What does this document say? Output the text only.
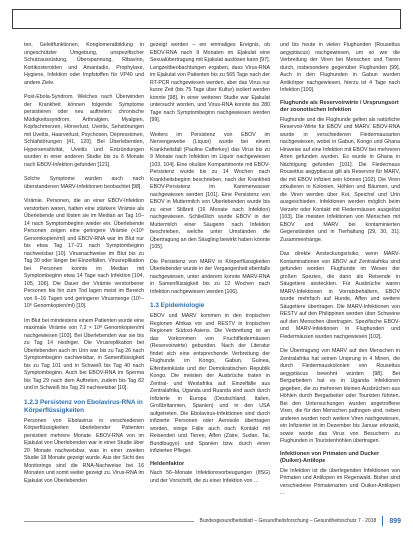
ten, Geleitfunktionen, Konglomeratbildung in ungeschützter Umgebung, unspezifischer Schutzausrüstung, Überspannung, Ribavirin, Kortikosteroiden und Amantadin, Prophylaxe, Hygiene, Infektion oder Impfstoffen für VP40 und andere Ziele.

Post-Ebola-Syndrom. Welches nach Überwinden der Krankheit können folgende Symptome persistieren oder neu auftreten: chronische Müdigkeitssyndrom, Arthralgien, Myalgien, Kopfschmerzen, Hörverlust, Uveitis, Sehstörungen mit Uveitis, Haarverlust, Psychosen, Depressionen, Schlafstörungen [41, 120]. Bei Überlebenden, Hypersensitivität, Uveitis und Entzündungen wurden in einer anderen Studie bis zu 6 Monate nach EBOV-Infektion gefunden [121].

Solche Symptome wurden auch nach überstandenen MARV-Infektionen beobachtet [98].

Virämie. Personen, die an einer EBOV-Infektion verstorben waren, hatten eine stärkere Virämie als Überlebende und lösten sie im Median an Tag 10–14 nach Symptombeginn wieder ein. Überlebende Personen zeigen eine geringere Virämie (<10⁶ Genomkopien/ml) und EBOV-RNA war im Blut nur bis etwa Tag 17–21 nach Symptombeginn nachweisbar [10]. Virusnachweise im Blut bis zu Tag 30 oder länger bei Einzelfällen, Virusreplikation bei Personen konnte im Median mit Symptombeginn etwa 14 Tage nach Infektion [104, 105, 106]. Die Dauer der Virämie verstorbener Personen bis hin zum Tod lagen meist im Bereich von 6–16 Tagen und geringerer Virusmenge (10⁵–10⁶ Genomkopien/ml) [10].

Im Blut bei mindestens einem Patienten wurde eine maximale Virämie von 7,2 × 10⁸ Genomkopien/ml nachgewiesen [103]. Bei Überlebenden war sie bis zu Tag 14 niedriger. Die Virusreplikation bei Überlebenden auch im Urin war bis zu Tag 26 nach Symptombeginn nachweisbar, in Samenflüssigkeit bis zu Tag 101 und in Schweiß bis Tag 40 nach Symptombeginn. Auch bei EBOV-RNA im Sperma bis Tag 29 nach dem Auftreten, zudem bis Tag 82 und in Schweiß bis Tag 29 nachweisbar [10].

1.2.3 Persistenz von Ebolavirus-RNA in Körperflüssigkeiten

Personen von Ebolavirus in verschiedenen Körperflüssigkeiten überlebender Patienten persistiert mehrere Monate. EBOV-RNA von im Ejakulat von Überlebenden war in einer Studie über 20 Monate nachweisbar, was in einer zweiten Studie 18 Monate gezeigt wurde. Aus der Sicht des Monitorings sind die RNA-Nachweise bei 16 Monaten und somit weiter gezeigt zu. Virus-RNA im Ejakulat von Überlebenden

gezeigt werden – ein einmaliges Ereignis, ob EBOV-RNA nach 9 Monaten im Ejakulat eine Sexualübertragung mit Ejakulat auslösen kann [97]. Langzeitbeobachtungen ergaben, dass Virus-RNA im Ejakulat von Patienten bis zu 565 Tage nach der RT-PCR nachgewiesen werden, aber das Virus nur kurze Zeit (bis 75 Tage über Kultur) isoliert werden konnte [98]. In einer weiteren Studie war Ejakulat untersucht worden, und Virus-RNA konnte bis 280 Tage nach Symptombeginn nachgewiesen werden [99].

Weiters im Persistenz von EBOV im Nervengewebe (Liquor) wurde bei einem Krankheitsfall (Pauline Cafferkey) das Virus bis zu 9 Monate nach Infektion im Liquor nachgewiesen [103, 104]. Eine okuläre Kompartimente mit EBOV-Persistenz wurde bis zu 14 Wochen nach Krankheitsbeginn beschrieben, nach der Krankheit EBOV-Persistenz im Kammerwasser nachgewiesen werden [101]. Eine Persistenz von EBOV in Muttermilch von Überlebenden wurde bis zu einer Stillzeit (16 Monate nach Infektion) nachgewiesen. Schließlich wurde EBOV in der Muttermilch einer Säugerin nach Infektion beschrieben, welche unter Umständen die Übertragung an den Säugling bewirkt haben könnte [105].

Die Persistenz von MARV in Körperflüssigkeiten Überlebender wurde in der Vergangenheit ebenfalls nachgewiesen, unter anderem konnte MARV-RNA in Samenflüssigkeit bis zu 12 Wochen nach Infektion nachgewiesen werden [106].

1.3 Epidemiologie

EBOV und MARV kommen in den tropischen Regionen Afrikas vor und RESTV in tropischen Regionen Südost-Asiens. Die Verbreitung ist an das Vorkommen von Fruchtfledermäusen (Reservoirwirte) gebunden. Nach der Literatur findet sich eine entsprechende Verbreitung der Flughunde im Kongo, Gabun, Guinea, Elfenbeinküste und der Demokratischen Republik Kongo. Die meisten der Ausbrüche traten in Zentral- und Westafrika auf. Einzelfälle aus Zentralafrika, Uganda und Ruanda sind auch durch Infizierte in Europa (Deutschland, Italien, Großbritannien, Spanien) und in den USA aufgetreten. Die Ebolavirus-Infektionen sind durch infizierte Personen oder Aerosole übertragen worden, einige Fälle auch nach Kontakt mit Reisenden und Tieren, Affen (Zaire, Sudan, Tai, Bundibugyo) und Spanien bzw. durch einen infizierten Pfleger.

Heldenfaktor

Nach 56–Monate Infektionsvorbeugungen (IfSG) und der Vorschrift, die zu einer Infektion von ...

und bis heute in vielen Flughunden (Rousettus aegyptiacus) nachgewiesen, um so wie die Verbreitung der Viren bei Menschen und Tieren durch, insbesondere gegenüber Flughunden [99]. Auch in den Flughunden in Gabun wurden Antikörper nachgewiesen, hierzu ist 4 Tage nach Infektion [100].

Flughunde als Reservoirwirte / Ursprungsort der zoonotischen Infektion

Flughunde und die Flughunde gelten als natürliche Reservoir-Wirte für EBOV und MARV. EBOV-RNA wurde in verschiedenen Fledermausarten nachgewiesen, wobei in Gabun, Kongo und Ghana Hinweise auf eine Infektion mit EBOV bei mehreren Arten gefunden wurden. Es wurde in Ghana in Nächtigung gefunden [101]. Die Fledermaus Rousettus aegyptiacus gilt als Reservoir für MARV, die mit EBOV infiziert sein können [102]. Die Viren zirkulieren in Kolonien, Höhlen und Bäumen, und die Viren werden über Kot, Speichel und Urin ausgeschieden. Infektionen werden möglich beim Verzehr oder Kontakt mit Fledermäusen ausgelöst [103]. Die meisten Infektionen von Menschen mit EBOV und MARV bei kontaminierten Gegenständen und in Tierhaltung [29, 30, 31]. Zusammenhänge.

Das direkte Ansteckungsrisiko, wenn MARV-Kontaminationen von EBOV auf Zentralafrika sind gefunden worden. Flughunde im Wesen der großen Spezies, die dann als Reisende in Säugetiere ansteckten. Für Ausbrüche waren MARV-Infektionen in Vorratsbehältern, EBOV wurde mehrfach auf Hunde, Affen und weitere Säugetiere übertragen. Die MARV-Infektionen von RESTV auf den Philippinen werden über Schweine auf den Menschen übertragen. Spezifische EBOV- und MARV-Infektionen in Flughunden und Fledermäusen wurden nachgewiesen [102].

Die Übertragung von MARV auf den Menschen in Zentralafrika hat seinen Ursprung in 4 Minen, die durch Fledermauskolonien von Rousettus aegyptiacus bewohnt wurden [98]. Bei Bergarbeitern hat es in Uganda Infektionen gegeben, die zu mehreren kleinen Ausbrüchen aus Höhlen durch Bergarbeiter oder Touristen führten. Bei den Untersuchungen wurden angetroffene Viren, die für den Menschen pathogen sind, neben anderen wurden noch weitere Viren nachgewiesen, ein Infizierter ist im Dezember bis Januar erkrankt, sowie wurde das Virus von Besuchern zu Flughunden in Touristenhöhlen übertragen.

Infektionen von Primaten und Ducker (Duiker)-Antilope

Die Infektion ist die überlegenden Infektionen von Primaten und Antilopen im Regenwald. Bisher sind verschiedene Primatenarten und Duiker-Antilopen ...

Bundesgesundheitsblatt – Gesundheitsforschung – Gesundheitsschutz 7 · 2018 899
